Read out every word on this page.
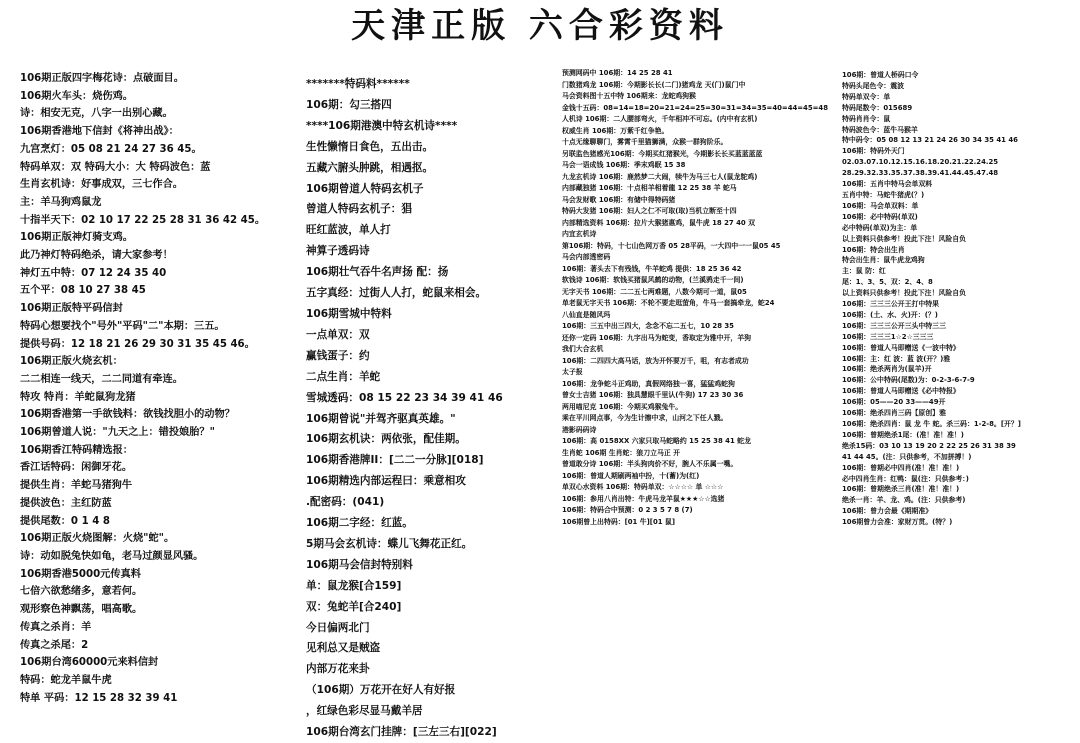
天津正版 六合彩资料
106期正版四字梅花诗：点破面目。
106期火车头：烧伤鸡。
诗：相安无克，八字一出别心藏。
106期香港地下信封《将神出战》：
九宫烹灯：05 08 21 24 27 36 45。
特码单双：双 特码大小：大 特码波色：蓝
生肖玄机诗：好事成双，三七作合。
主：羊马狗鸡鼠龙
十指半天下：02 10 17 22 25 28 31 36 42 45。
106期正版神灯骑支鸡。
此乃神灯特码绝杀，请大家参考！
神灯五中特：07 12 24 35 40
五个平：08 10 27 38 45
106期正版特平码信封
特码心想要找个"号外"平码"二"本期：三五。
提供号码：12 18 21 26 29 30 31 35 45 46。
106期正版火烧玄机：
二二相连一线天，二二同道有牵连。
特攻 特肖：羊蛇鼠狗龙猪
106期香港第一手欲钱料：欲钱找胆小的动物？
106期曾道人说："九天之上：错投娘胎？"
106期香江特码精选报：
香江话特码：闲御牙花。
提供生肖：羊蛇马猪狗牛
提供波色：主红防蓝
提供尾数：0 1 4 8
106期正版火烧图解：火烧"蛇"。
诗：动如脱兔快如龟，老马过颜显风骚。
106期香港5000元传真料
七倍六欲愁绪多，意若何。
观形察色神飘荡，唱高歌。
传真之杀肖：羊
传真之杀尾：2
106期台湾60000元来料信封
特码：蛇龙羊鼠牛虎
特单 平码：12 15 28 32 39 41
*******特码料******
106期：勾三搭四
****106期港澳中特玄机诗****
生性懒惰日食色，五出击。
五藏六腑头肿跳，相遇抠。
106期曾道人特码玄机子
曾道人特码玄机子：猖
旺红蓝波，单人打
神算子透码诗
106期壮气吞牛名声扬 配：扬
五字真经：过街人人打，蛇鼠来相会。
106期雪城中特料
一点单双：双
赢钱蛋子：约
二点生肖：羊蛇
雪城透码：08 15 22 23 34 39 41 46
106期曾说"并驾齐驱真英雄。"
106期玄机诀：两依张，配佳期。
106期香港牌II：[二二一分脉][018]
106期精选内部运程曰：乘意相攻
.配密码：(041)
106期二字经：红蓝。
5期马会玄机诗：蝶儿飞舞花正红。
106期马会信封特别料
单：鼠龙猴[合159]
双：兔蛇羊[合240]
今日偏两北门
见利总又是贼盗
内部万花来卦
（106期）万花开在好人有好报
，红绿色彩尽显马戴羊居
106期台湾玄门挂牌：[三左三右][022]
预测网码中 106期：14 25 28 41
门数猪鸡龙 106期：今期影长长(二门)猪鸡龙 天(门)鼠门中
马会资料图十五中特 106期来：龙蛇鸡狗猴
金钱十五码：08=14=18=20=21=24=25=30=31=34=35=40=44=45=48
人机诗 106期：二人腰部弯火，千年相冲不可忘。(内中有玄机)
权威生肖 106期：万紫千红争艳。
十点无缘聊聊门，雾霄千里猫狮满，众猴一群狗阶乐。
另联监色猪感光106期：今期买红猪猴光，今期影长长买蓝蓝蓝蓝
马会一语成钱 106期：季末鸡眠 15 38
九龙玄机诗 106期：鹿然梦二大闹，犊牛为马三七人(鼠龙鸵鸡)
内部藏独猪 106期：十点相羊相着龍 12 25 38 羊 蛇马
马会发财歌 106期：有储中得特码猪
特码大发猪 106期：妇人之仁不可取(取)当机立断至十四
内部精选资料 106期：拉片大猴猪惠鸡，鼠牛虎 18 27 40 双
内宜玄机诗
第106期：特码，十七山色网万香 05 28平码，一大四中一一鼠05 45
马会内部透密码
106期：著头去下有残钱，牛羊蛇鸡 提供：18 25 36 42
软钱诗 106期：软钱买猪鼠风鹤的动物，(兰溪鸦走千一间)
无字天书 106期：二二五七两难题，八数今期可一道，鼠05
单老鼠无字天书 106期：不轮不要走逛萤角，牛马一套搞牵龙，蛇24
八仙直是随风玛
106期：三五中出三四大，念念不忘二五七，10 28 35
还你一定码 106期：九字出马为蛇变，香取定为雅中开，羊狗
我们大合玄机
106期：二四四大高马话，放为开怀要万千，咀，有志者成功
太子报
106期：龙争蛇斗正鸡助，真假网络独一喜，猛猛鸡蛇狗
曾女士吉猪 106期：独具慧眼千里认(牛狗) 17 23 30 36
两用喵尼克 106期：今期买鸡猴兔牛。
乘在平川网点事，今为生计擦中求，山河之下任人戮。
港影码码诗
106期：高 0158XX 六家只取马蛇略约 15 25 38 41 蛇龙
生肖蛇 106期 生肖蛇：狼刀立马正 开
曾道敢分诗 106期：半头狗肉价不好，腕人不乐属一嘴。
106期：曾道人期刷两袖中扮，十(蓄)为(红)
单双心水资料 106期：特码单双：☆☆☆☆ 单 ☆☆☆
106期：参用八肖出特：牛虎马龙羊鼠★★★☆☆选猪
106期：特码合中预测：0 2 3 5 7 8 (7)
106期曾上出特码：[01 牛][01 鼠]
106期：曾道人桥码口令
特码头尾色令：震波
特码单双令：单
特码尾数令：015689
特码肖肖令：鼠
特码波色令：蓝牛马猴羊
特中码令：05 08 12 13 21 24 26 30 34 35 41 46
106期：特码外天门
02.03.07.10.12.15.16.18.20.21.22.24.25
28.29.32.33.35.37.38.39.41.44.45.47.48
106期：五肖中特马会单双料
五肖中特：马蛇牛猪虎(？)
106期：马会单双料：单
106期：必中特码(单双)
必中特码(单双)为主：单
以上资料只供参考！投此下注！风险自负
106期：特会出生肖
特会出生肖：鼠牛虎龙鸡狗
主：鼠 防：红
尾：1、3、5、双：2、4、8
以上资料只供参考！投此下注！风险自负
106期：三三三公开王打中特果
106期：(土、水、火)开：(？)
106期：三三三公开三头中特三三
106期：三三三1☆2☆三三三
106期：曾道人马即赠送《一波中特》
106期：主：红 波：蓝 波(开？)雅
106期：绝杀两肖为(鼠羊)开
106期：公中特码(尾数)为：0-2-3-6-7-9
106期：曾道人马即赠送《必中特报》
106期：05——20 33——49开
106期：绝杀四肖三码【原创】雅
106期：绝杀四肖：鼠 龙 牛 蛇。杀三码：1-2-8。[开？]
106期：曾期绝杀1尾：(准！准！准！)
绝杀15码：03 10 13 19 20 2 22 25 26 31 38 39
41 44 45。(注：只供参考，不加拼搏！)
106期：曾期必中四肖(准！准！准！)
必中四肖生肖：红鸭：鼠(注：只供参考：)
106期：曾期绝杀三肖(准！准！准！)
绝杀一肖：羊、龙、鸡。(注：只供参考)
106期：曾力会最《期期准》
106期曾力会准：家财万贯。(特？)
